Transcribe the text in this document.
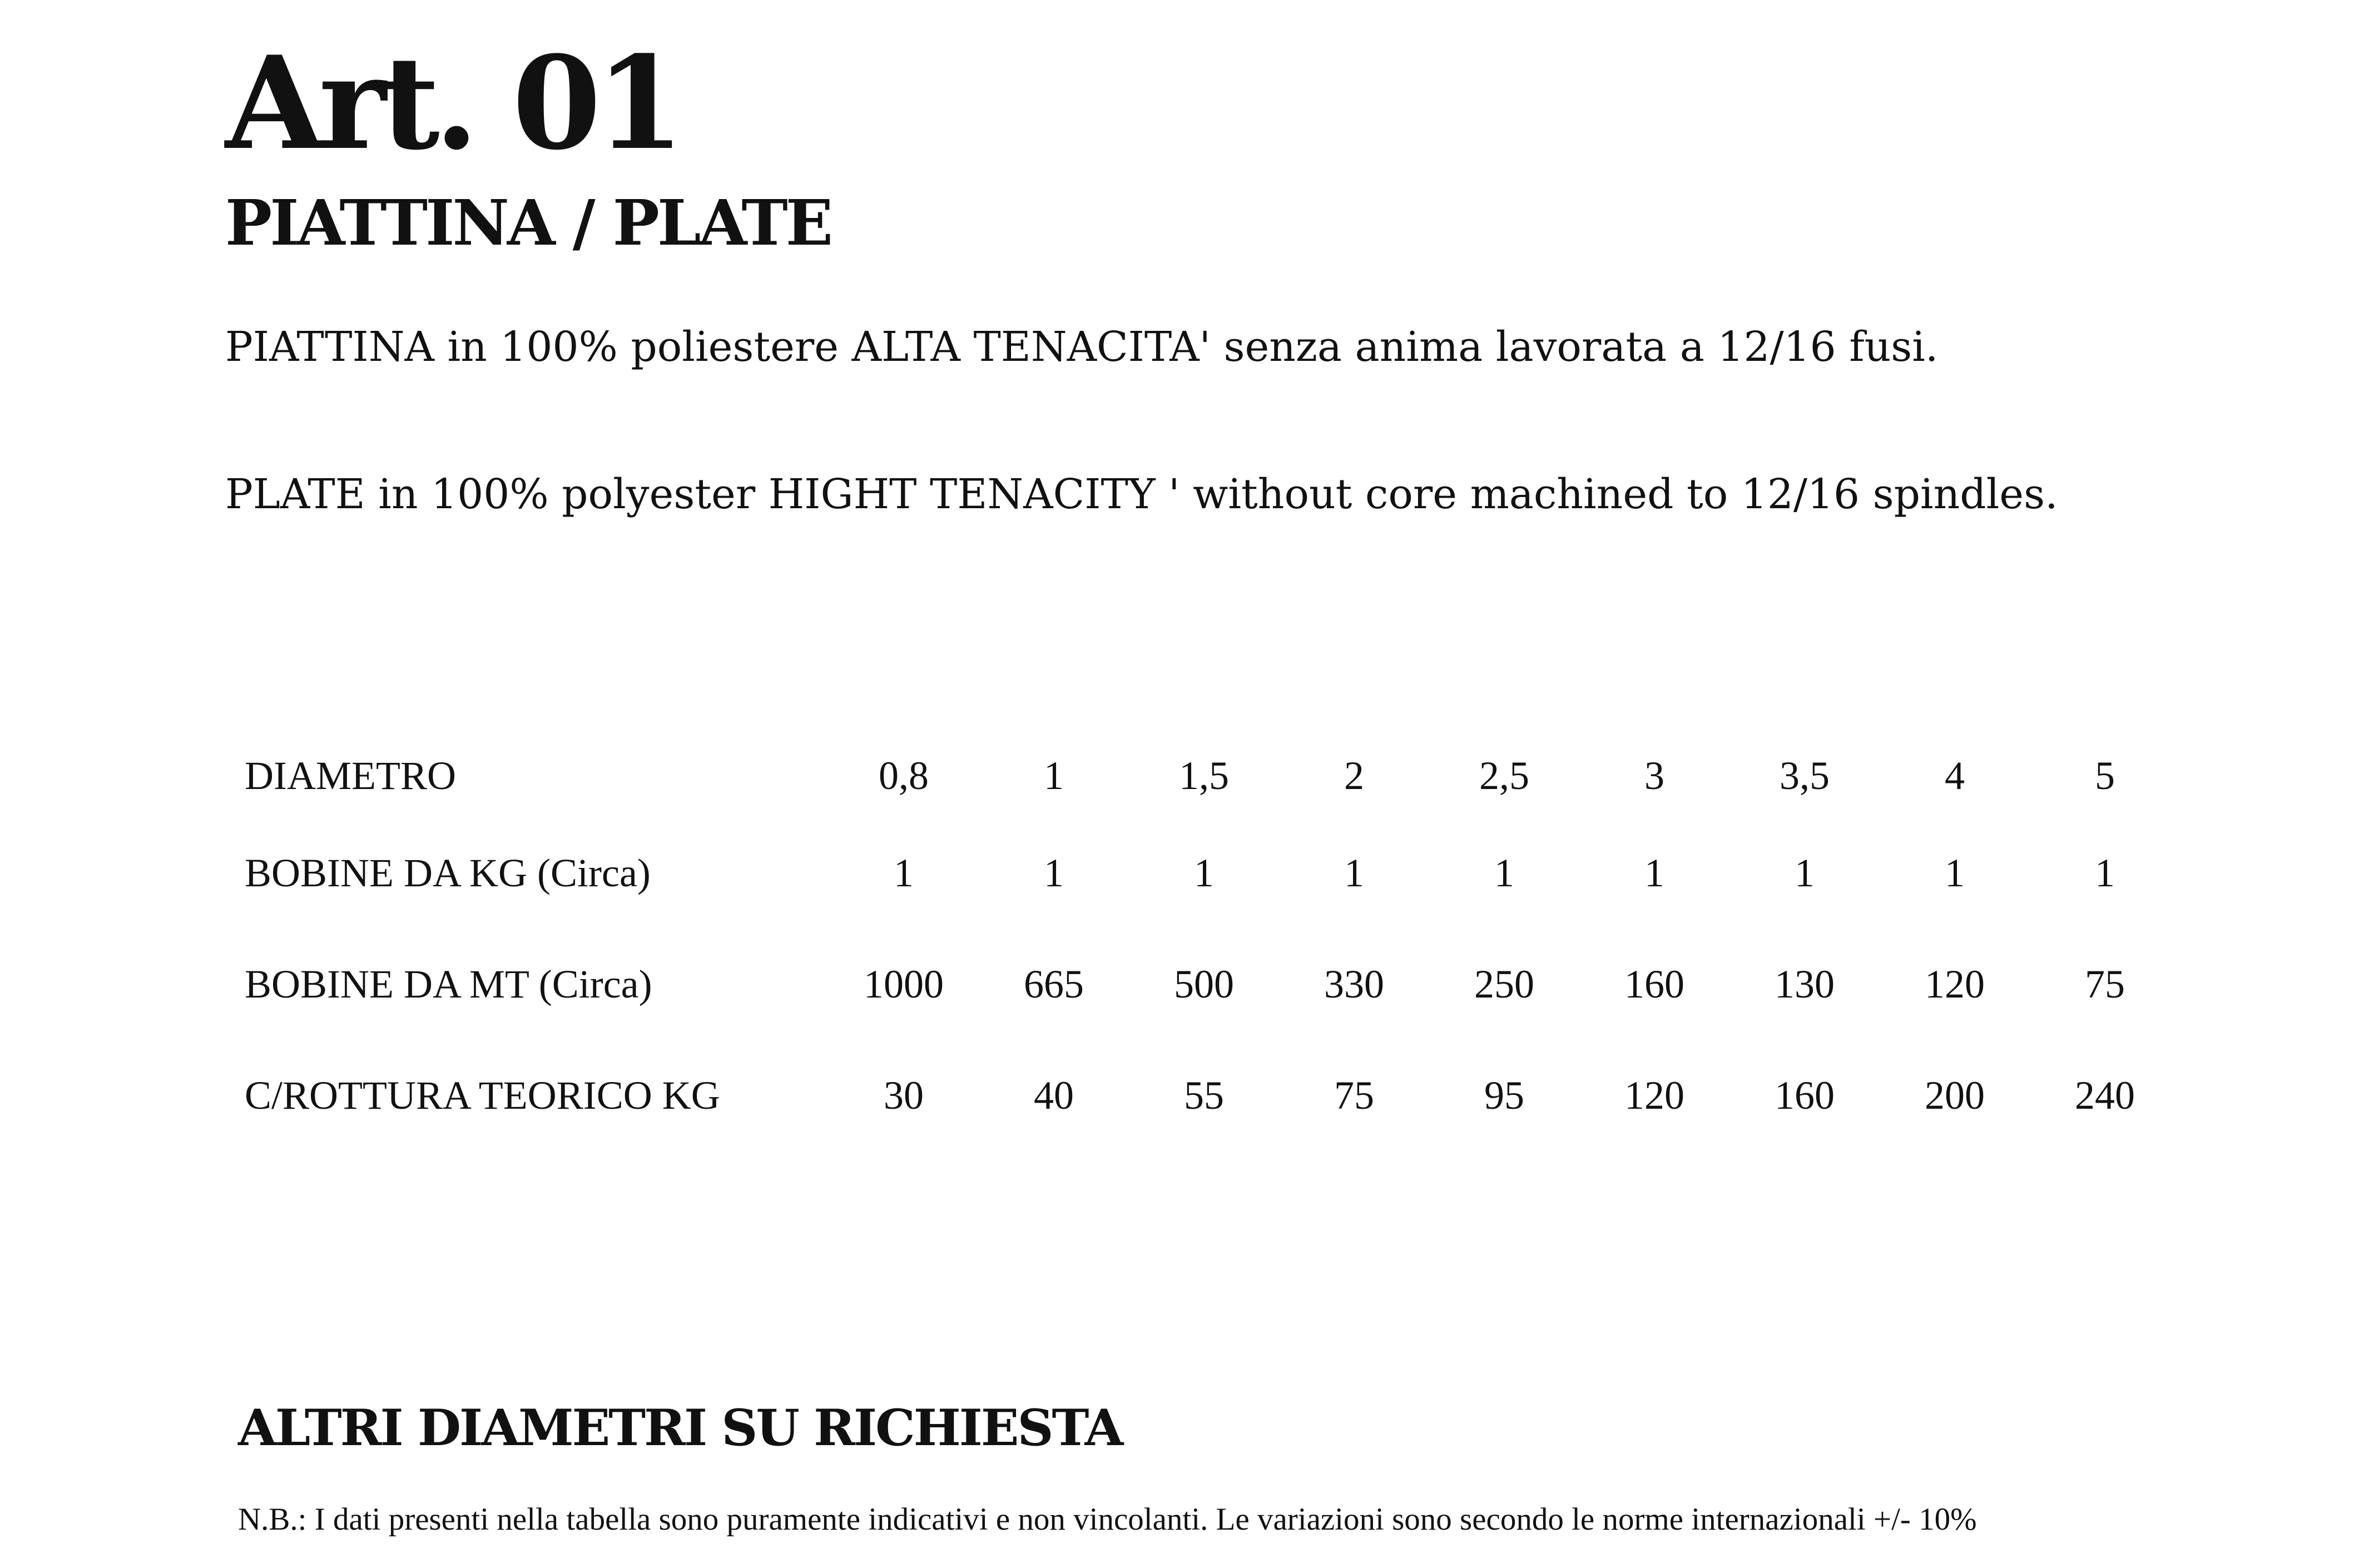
Art. 01
PIATTINA / PLATE

PIATTINA in 100% poliestere ALTA TENACITA' senza anima lavorata a 12/16 fusi.

PLATE in 100% polyester HIGHT TENACITY ' without core machined to 12/16 spindles.

DIAMETRO	0,8	1	1,5	2	2,5	3	3,5	4	5
BOBINE DA KG (Circa)	1	1	1	1	1	1	1	1	1
BOBINE DA MT (Circa)	1000	665	500	330	250	160	130	120	75
C/ROTTURA TEORICO KG	30	40	55	75	95	120	160	200	240
ALTRI DIAMETRI SU RICHIESTA

N.B.: I dati presenti nella tabella sono puramente indicativi e non vincolanti. Le variazioni sono secondo le norme internazionali +/- 10%
